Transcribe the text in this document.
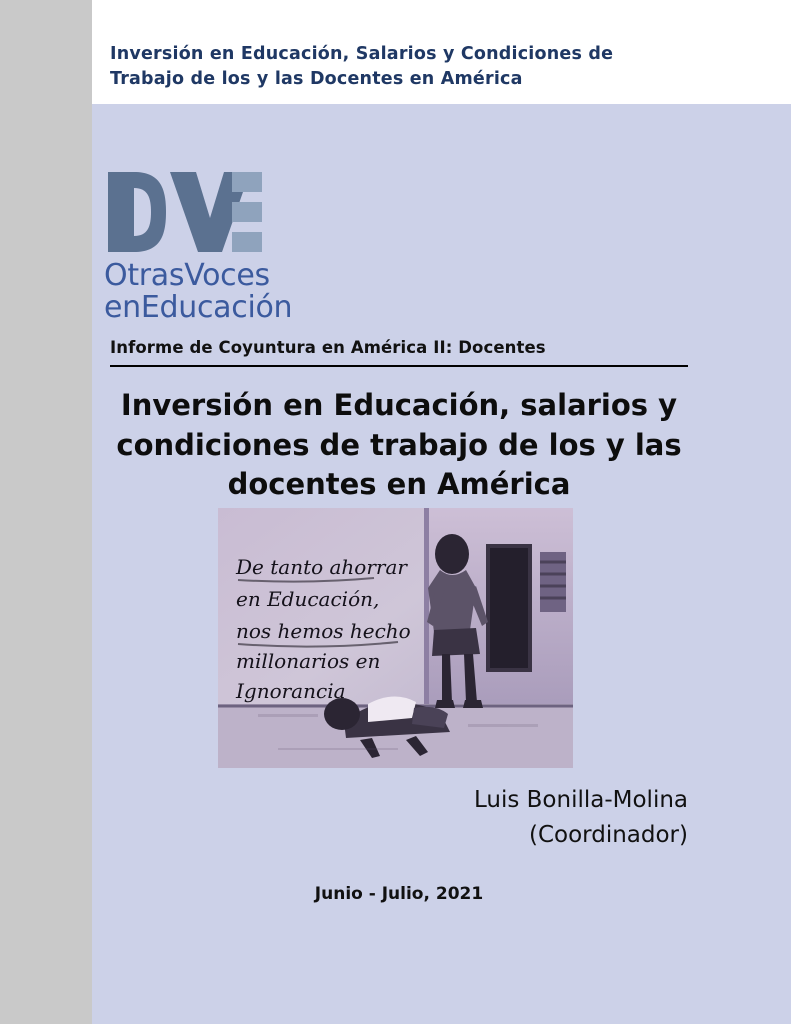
Inversión en Educación, Salarios y Condiciones de
Trabajo de los y las Docentes en América
OtrasVoces
enEducación
Informe de Coyuntura en América II: Docentes
Inversión en Educación, salarios y
condiciones de trabajo de los y las
docentes en América
De tanto ahorrar
en Educación,
nos hemos hecho
millonarios en
Ignorancia
Luis Bonilla-Molina
(Coordinador)
Junio - Julio, 2021
